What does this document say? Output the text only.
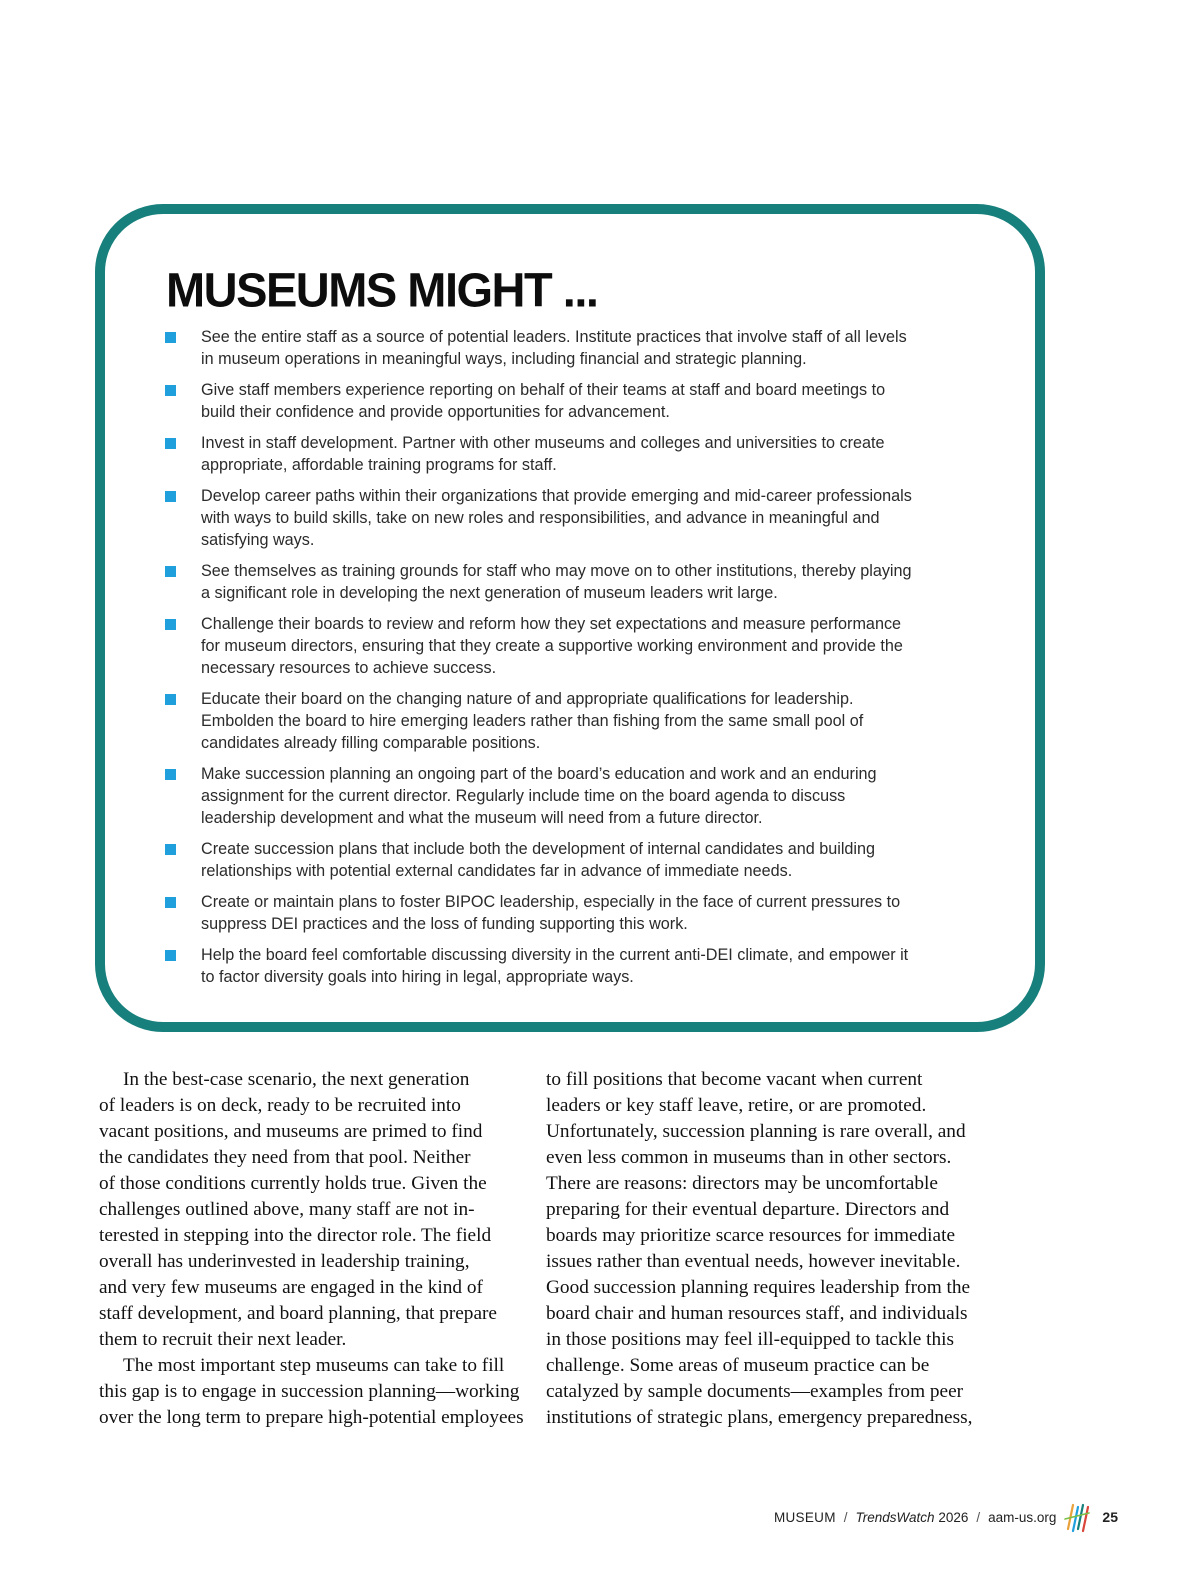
MUSEUMS MIGHT ...
See the entire staff as a source of potential leaders. Institute practices that involve staff of all levels
in museum operations in meaningful ways, including financial and strategic planning.
Give staff members experience reporting on behalf of their teams at staff and board meetings to
build their confidence and provide opportunities for advancement.
Invest in staff development. Partner with other museums and colleges and universities to create
appropriate, affordable training programs for staff.
Develop career paths within their organizations that provide emerging and mid-career professionals
with ways to build skills, take on new roles and responsibilities, and advance in meaningful and
satisfying ways.
See themselves as training grounds for staff who may move on to other institutions, thereby playing
a significant role in developing the next generation of museum leaders writ large.
Challenge their boards to review and reform how they set expectations and measure performance
for museum directors, ensuring that they create a supportive working environment and provide the
necessary resources to achieve success.
Educate their board on the changing nature of and appropriate qualifications for leadership.
Embolden the board to hire emerging leaders rather than fishing from the same small pool of
candidates already filling comparable positions.
Make succession planning an ongoing part of the board’s education and work and an enduring
assignment for the current director. Regularly include time on the board agenda to discuss
leadership development and what the museum will need from a future director.
Create succession plans that include both the development of internal candidates and building
relationships with potential external candidates far in advance of immediate needs.
Create or maintain plans to foster BIPOC leadership, especially in the face of current pressures to
suppress DEI practices and the loss of funding supporting this work.
Help the board feel comfortable discussing diversity in the current anti-DEI climate, and empower it
to factor diversity goals into hiring in legal, appropriate ways.

In the best-case scenario, the next generation
of leaders is on deck, ready to be recruited into
vacant positions, and museums are primed to find
the candidates they need from that pool. Neither
of those conditions currently holds true. Given the
challenges outlined above, many staff are not in-
terested in stepping into the director role. The field
overall has underinvested in leadership training,
and very few museums are engaged in the kind of
staff development, and board planning, that prepare
them to recruit their next leader.

The most important step museums can take to fill
this gap is to engage in succession planning—working
over the long term to prepare high-potential employees

to fill positions that become vacant when current
leaders or key staff leave, retire, or are promoted.
Unfortunately, succession planning is rare overall, and
even less common in museums than in other sectors.
There are reasons: directors may be uncomfortable
preparing for their eventual departure. Directors and
boards may prioritize scarce resources for immediate
issues rather than eventual needs, however inevitable.
Good succession planning requires leadership from the
board chair and human resources staff, and individuals
in those positions may feel ill-equipped to tackle this
challenge. Some areas of museum practice can be
catalyzed by sample documents—examples from peer
institutions of strategic plans, emergency preparedness,

MUSEUM / TrendsWatch 2026 / aam-us.org	25
